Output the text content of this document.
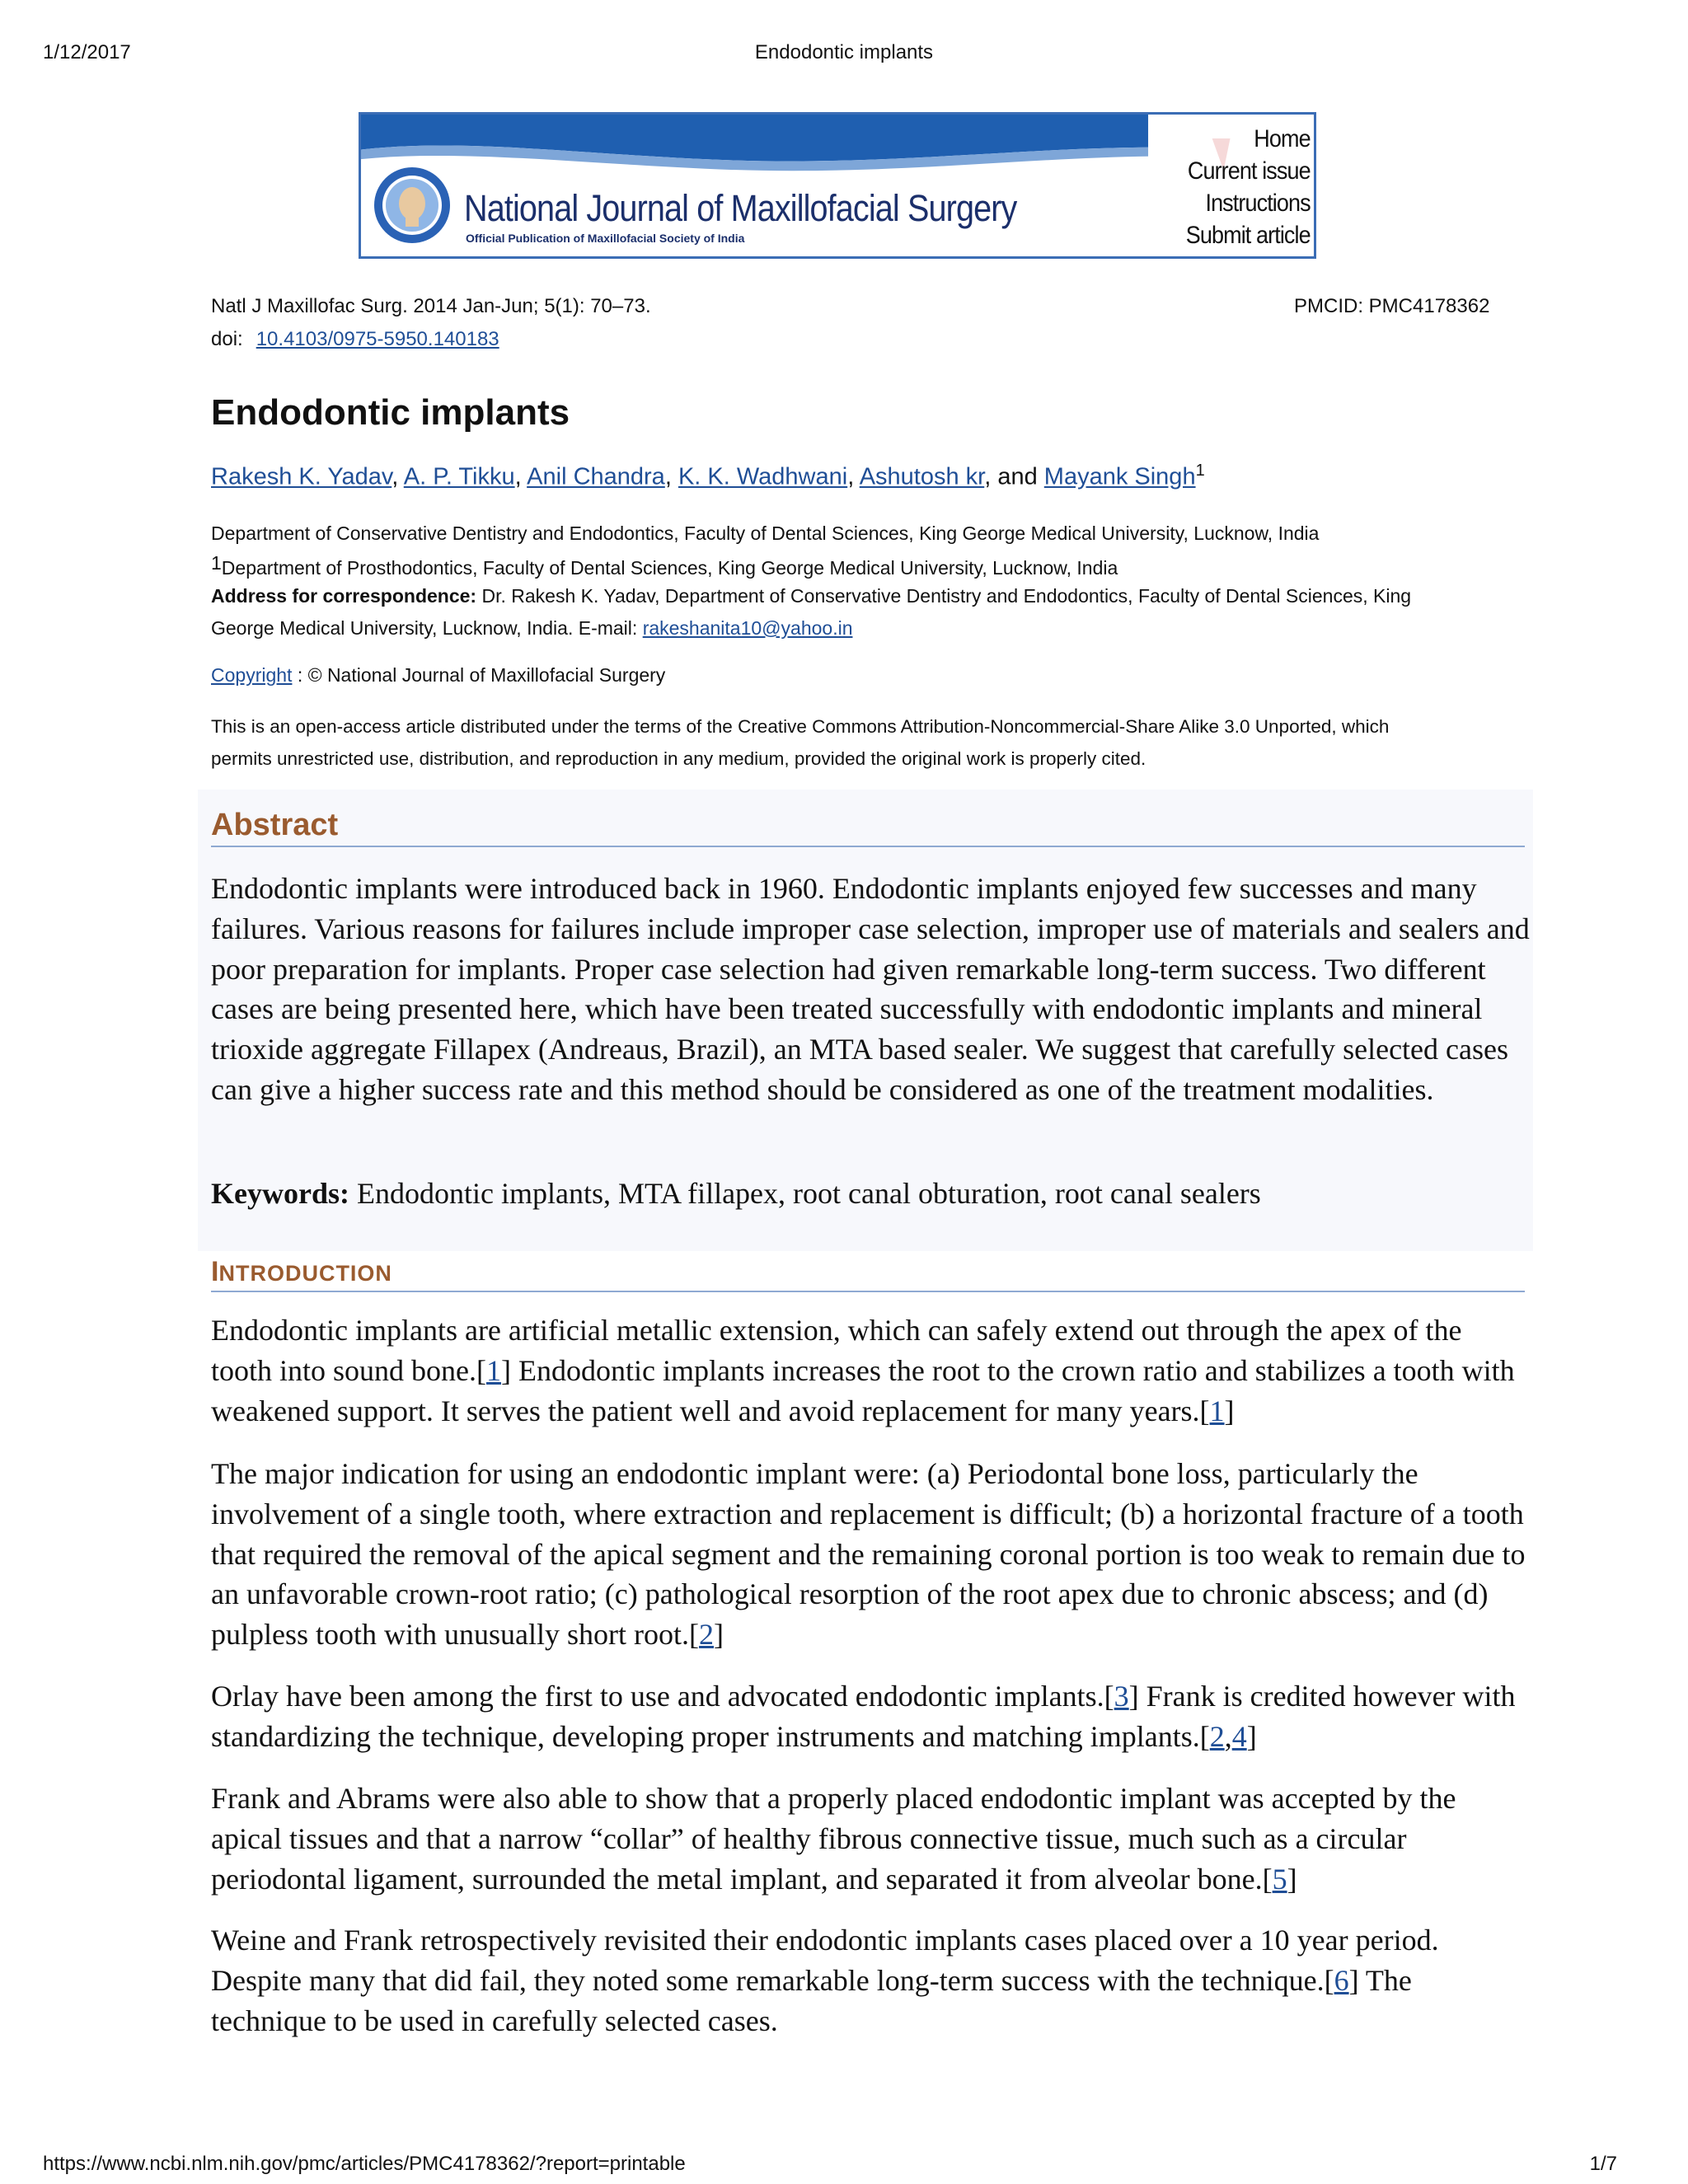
1/12/2017	Endodontic implants
National Journal of Maxillofacial Surgery
Official Publication of Maxillofacial Society of India
Home
Current issue
Instructions
Submit article
Natl J Maxillofac Surg. 2014 Jan-Jun; 5(1): 70–73.	PMCID: PMC4178362
doi: 10.4103/0975-5950.140183
Endodontic implants
Rakesh K. Yadav, A. P. Tikku, Anil Chandra, K. K. Wadhwani, Ashutosh kr, and Mayank Singh$^1$
Department of Conservative Dentistry and Endodontics, Faculty of Dental Sciences, King George Medical University, Lucknow, India
$^1$Department of Prosthodontics, Faculty of Dental Sciences, King George Medical University, Lucknow, India
Address for correspondence: Dr. Rakesh K. Yadav, Department of Conservative Dentistry and Endodontics, Faculty of Dental Sciences, King
George Medical University, Lucknow, India. E-mail: rakeshanita10@yahoo.in
Copyright : © National Journal of Maxillofacial Surgery
This is an open-access article distributed under the terms of the Creative Commons Attribution-Noncommercial-Share Alike 3.0 Unported, which
permits unrestricted use, distribution, and reproduction in any medium, provided the original work is properly cited.
Abstract
Endodontic implants were introduced back in 1960. Endodontic implants enjoyed few successes and many failures. Various reasons for failures include improper case selection, improper use of materials and sealers and poor preparation for implants. Proper case selection had given remarkable long-term success. Two different cases are being presented here, which have been treated successfully with endodontic implants and mineral trioxide aggregate Fillapex (Andreaus, Brazil), an MTA based sealer. We suggest that carefully selected cases can give a higher success rate and this method should be considered as one of the treatment modalities.
Keywords: Endodontic implants, MTA fillapex, root canal obturation, root canal sealers
INTRODUCTION
Endodontic implants are artificial metallic extension, which can safely extend out through the apex of the tooth into sound bone.[1] Endodontic implants increases the root to the crown ratio and stabilizes a tooth with weakened support. It serves the patient well and avoid replacement for many years.[1]
The major indication for using an endodontic implant were: (a) Periodontal bone loss, particularly the involvement of a single tooth, where extraction and replacement is difficult; (b) a horizontal fracture of a tooth that required the removal of the apical segment and the remaining coronal portion is too weak to remain due to an unfavorable crown-root ratio; (c) pathological resorption of the root apex due to chronic abscess; and (d) pulpless tooth with unusually short root.[2]
Orlay have been among the first to use and advocated endodontic implants.[3] Frank is credited however with standardizing the technique, developing proper instruments and matching implants.[2,4]
Frank and Abrams were also able to show that a properly placed endodontic implant was accepted by the apical tissues and that a narrow “collar” of healthy fibrous connective tissue, much such as a circular periodontal ligament, surrounded the metal implant, and separated it from alveolar bone.[5]
Weine and Frank retrospectively revisited their endodontic implants cases placed over a 10 year period. Despite many that did fail, they noted some remarkable long-term success with the technique.[6] The technique to be used in carefully selected cases.
https://www.ncbi.nlm.nih.gov/pmc/articles/PMC4178362/?report=printable	1/7
